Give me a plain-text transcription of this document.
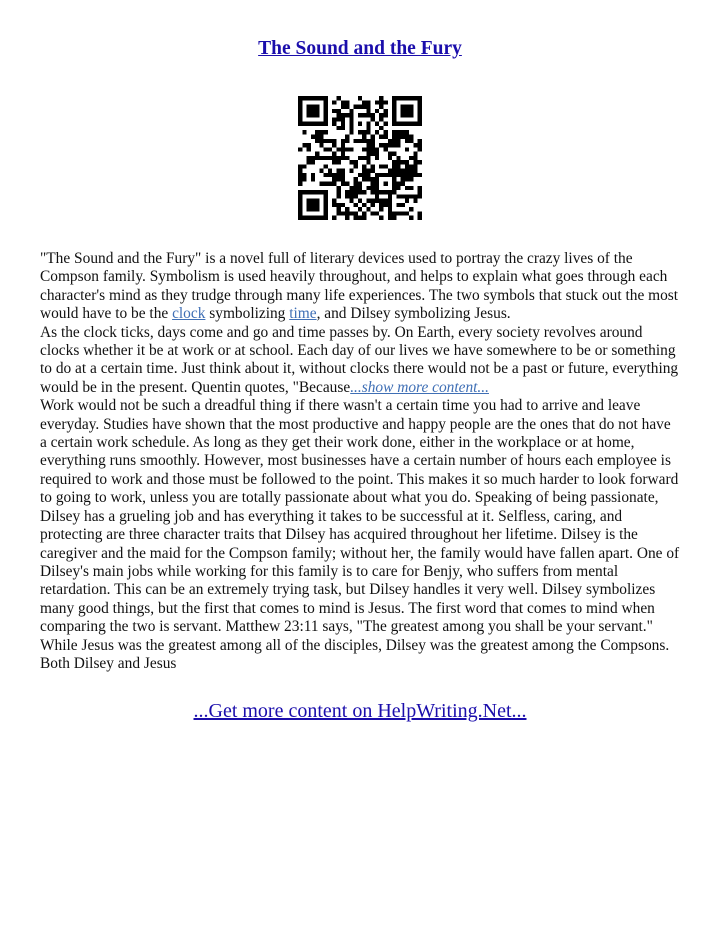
The Sound and the Fury

"The Sound and the Fury" is a novel full of literary devices used to portray the crazy lives of the Compson family. Symbolism is used heavily throughout, and helps to explain what goes through each character's mind as they trudge through many life experiences. The two symbols that stuck out the most would have to be the clock symbolizing time, and Dilsey symbolizing Jesus.

As the clock ticks, days come and go and time passes by. On Earth, every society revolves around clocks whether it be at work or at school. Each day of our lives we have somewhere to be or something to do at a certain time. Just think about it, without clocks there would not be a past or future, everything would be in the present. Quentin quotes, "Because...show more content...

Work would not be such a dreadful thing if there wasn't a certain time you had to arrive and leave everyday. Studies have shown that the most productive and happy people are the ones that do not have a certain work schedule. As long as they get their work done, either in the workplace or at home, everything runs smoothly. However, most businesses have a certain number of hours each employee is required to work and those must be followed to the point. This makes it so much harder to look forward to going to work, unless you are totally passionate about what you do. Speaking of being passionate, Dilsey has a grueling job and has everything it takes to be successful at it. Selfless, caring, and protecting are three character traits that Dilsey has acquired throughout her lifetime. Dilsey is the caregiver and the maid for the Compson family; without her, the family would have fallen apart. One of Dilsey's main jobs while working for this family is to care for Benjy, who suffers from mental retardation. This can be an extremely trying task, but Dilsey handles it very well. Dilsey symbolizes many good things, but the first that comes to mind is Jesus. The first word that comes to mind when comparing the two is servant. Matthew 23:11 says, "The greatest among you shall be your servant." While Jesus was the greatest among all of the disciples, Dilsey was the greatest among the Compsons. Both Dilsey and Jesus

...Get more content on HelpWriting.Net...
